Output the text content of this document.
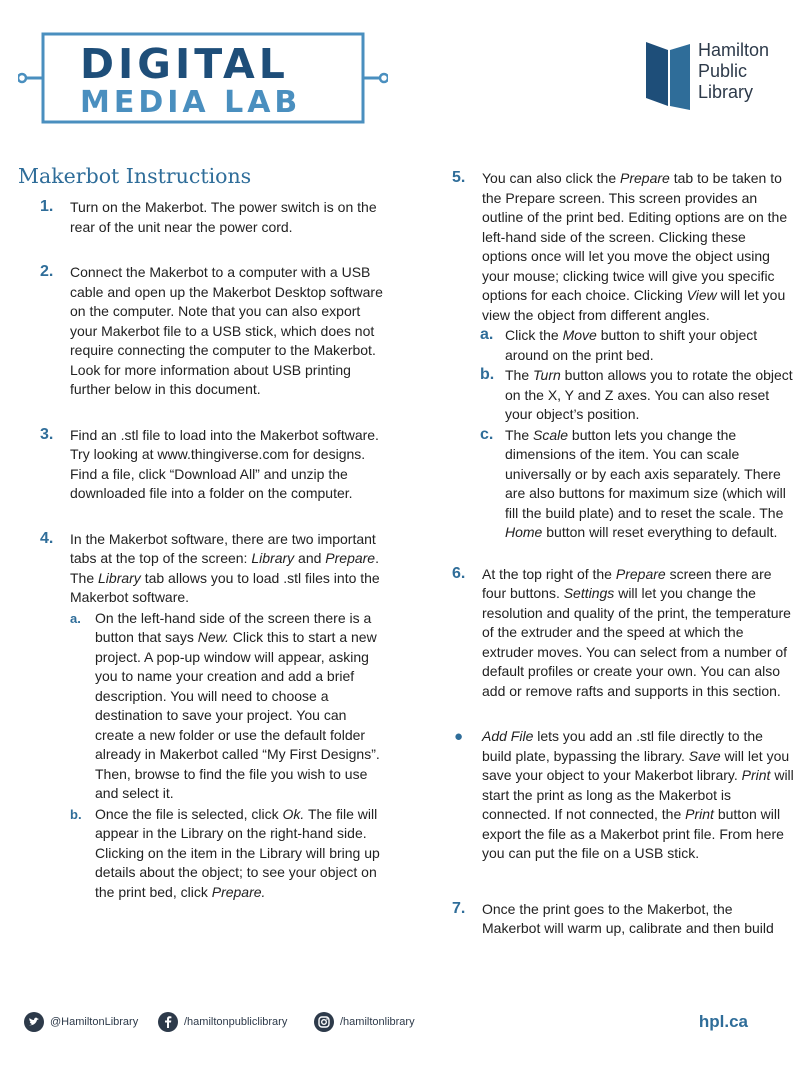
DIGITAL
MEDIA LAB
Hamilton
Public
Library
Makerbot Instructions
1. Turn on the Makerbot. The power switch is on the rear of the unit near the power cord.
2. Connect the Makerbot to a computer with a USB cable and open up the Makerbot Desktop software on the computer. Note that you can also export your Makerbot file to a USB stick, which does not require connecting the computer to the Makerbot. Look for more information about USB printing further below in this document.
3. Find an .stl file to load into the Makerbot software. Try looking at www.thingiverse.com for designs. Find a file, click “Download All” and unzip the downloaded file into a folder on the computer.
4. In the Makerbot software, there are two important tabs at the top of the screen: Library and Prepare. The Library tab allows you to load .stl files into the Makerbot software.
a. On the left-hand side of the screen there is a button that says New. Click this to start a new project. A pop-up window will appear, asking you to name your creation and add a brief description. You will need to choose a destination to save your project. You can create a new folder or use the default folder already in Makerbot called “My First Designs”. Then, browse to find the file you wish to use and select it.
b. Once the file is selected, click Ok. The file will appear in the Library on the right-hand side. Clicking on the item in the Library will bring up details about the object; to see your object on the print bed, click Prepare.
5. You can also click the Prepare tab to be taken to the Prepare screen. This screen provides an outline of the print bed. Editing options are on the left-hand side of the screen. Clicking these options once will let you move the object using your mouse; clicking twice will give you specific options for each choice. Clicking View will let you view the object from different angles.
a. Click the Move button to shift your object around on the print bed.
b. The Turn button allows you to rotate the object on the X, Y and Z axes. You can also reset your object’s position.
c. The Scale button lets you change the dimensions of the item. You can scale universally or by each axis separately. There are also buttons for maximum size (which will fill the build plate) and to reset the scale. The Home button will reset everything to default.
6. At the top right of the Prepare screen there are four buttons. Settings will let you change the resolution and quality of the print, the temperature of the extruder and the speed at which the extruder moves. You can select from a number of default profiles or create your own. You can also add or remove rafts and supports in this section.
● Add File lets you add an .stl file directly to the build plate, bypassing the library. Save will let you save your object to your Makerbot library. Print will start the print as long as the Makerbot is connected. If not connected, the Print button will export the file as a Makerbot print file. From here you can put the file on a USB stick.
7. Once the print goes to the Makerbot, the Makerbot will warm up, calibrate and then build
@HamiltonLibrary	/hamiltonpubliclibrary	/hamiltonlibrary	hpl.ca
